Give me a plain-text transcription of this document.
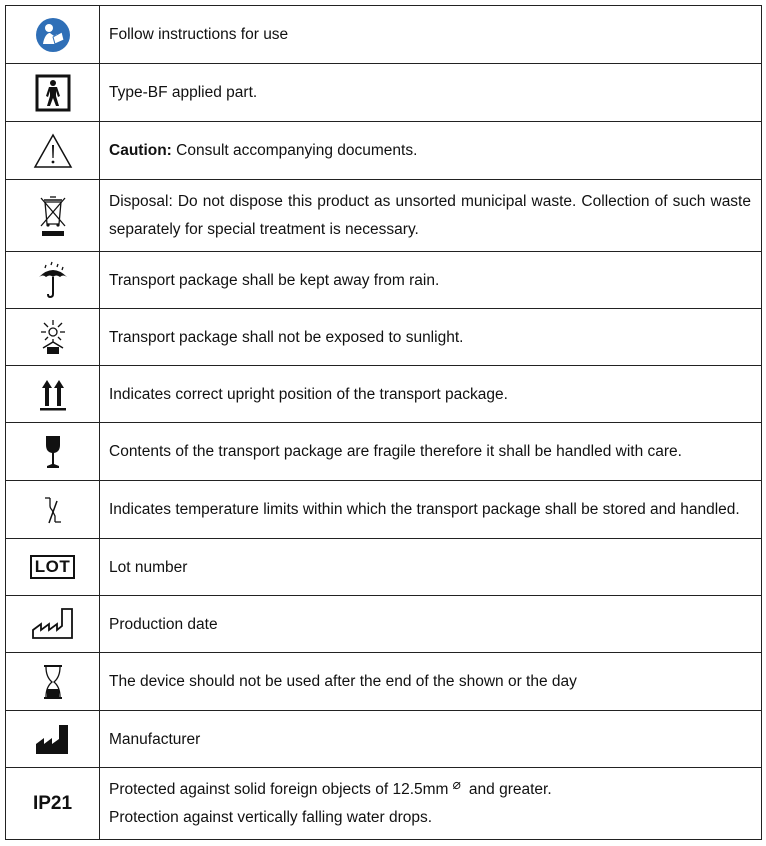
	Follow instructions for use

	Type-BF applied part.

	Caution: Consult accompanying documents.

	Disposal: Do not dispose this product as unsorted municipal waste. Collection of such waste separately for special treatment is necessary.

	Transport package shall be kept away from rain.

	Transport package shall not be exposed to sunlight.

	Indicates correct upright position of the transport package.

	Contents of the transport package are fragile therefore it shall be handled with care.

	Indicates temperature limits within which the transport package shall be stored and handled.
LOT	Lot number

	Production date

	The device should not be used after the end of the shown or the day

	Manufacturer
IP21	Protected against solid foreign objects of 12.5mm ⌀ and greater.
Protection against vertically falling water drops.
